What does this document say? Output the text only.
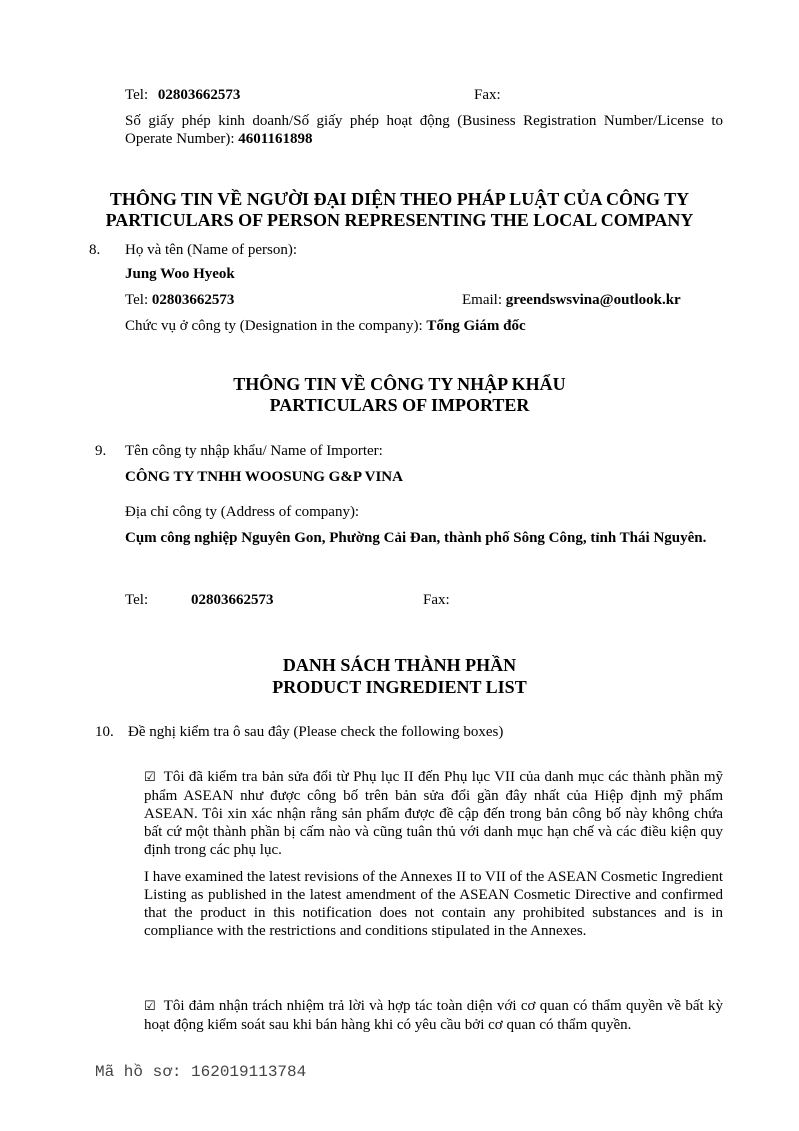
Tel: 02803662573	Fax:
Số giấy phép kinh doanh/Số giấy phép hoạt động (Business Registration Number/License to Operate Number): 4601161898
THÔNG TIN VỀ NGƯỜI ĐẠI DIỆN THEO PHÁP LUẬT CỦA CÔNG TY
PARTICULARS OF PERSON REPRESENTING THE LOCAL COMPANY
8. Họ và tên (Name of person):
Jung Woo Hyeok
Tel: 02803662573	Email: greendswsvina@outlook.kr
Chức vụ ở công ty (Designation in the company): Tổng Giám đốc
THÔNG TIN VỀ CÔNG TY NHẬP KHẨU
PARTICULARS OF IMPORTER
9. Tên công ty nhập khẩu/ Name of Importer:
CÔNG TY TNHH WOOSUNG G&P VINA
Địa chỉ công ty (Address of company):
Cụm công nghiệp Nguyên Gon, Phường Cải Đan, thành phố Sông Công, tỉnh Thái Nguyên.
Tel:	02803662573	Fax:
DANH SÁCH THÀNH PHẦN
PRODUCT INGREDIENT LIST
10. Đề nghị kiểm tra ô sau đây (Please check the following boxes)
☑ Tôi đã kiểm tra bản sửa đổi từ Phụ lục II đến Phụ lục VII của danh mục các thành phần mỹ phẩm ASEAN như được công bố trên bản sửa đổi gần đây nhất của Hiệp định mỹ phẩm ASEAN. Tôi xin xác nhận rằng sản phẩm được đề cập đến trong bản công bố này không chứa bất cứ một thành phần bị cấm nào và cũng tuân thủ với danh mục hạn chế và các điều kiện quy định trong các phụ lục.
I have examined the latest revisions of the Annexes II to VII of the ASEAN Cosmetic Ingredient Listing as published in the latest amendment of the ASEAN Cosmetic Directive and confirmed that the product in this notification does not contain any prohibited substances and is in compliance with the restrictions and conditions stipulated in the Annexes.
☑ Tôi đảm nhận trách nhiệm trả lời và hợp tác toàn diện với cơ quan có thẩm quyền về bất kỳ hoạt động kiểm soát sau khi bán hàng khi có yêu cầu bởi cơ quan có thẩm quyền.
Mã hồ sơ: 162019113784
